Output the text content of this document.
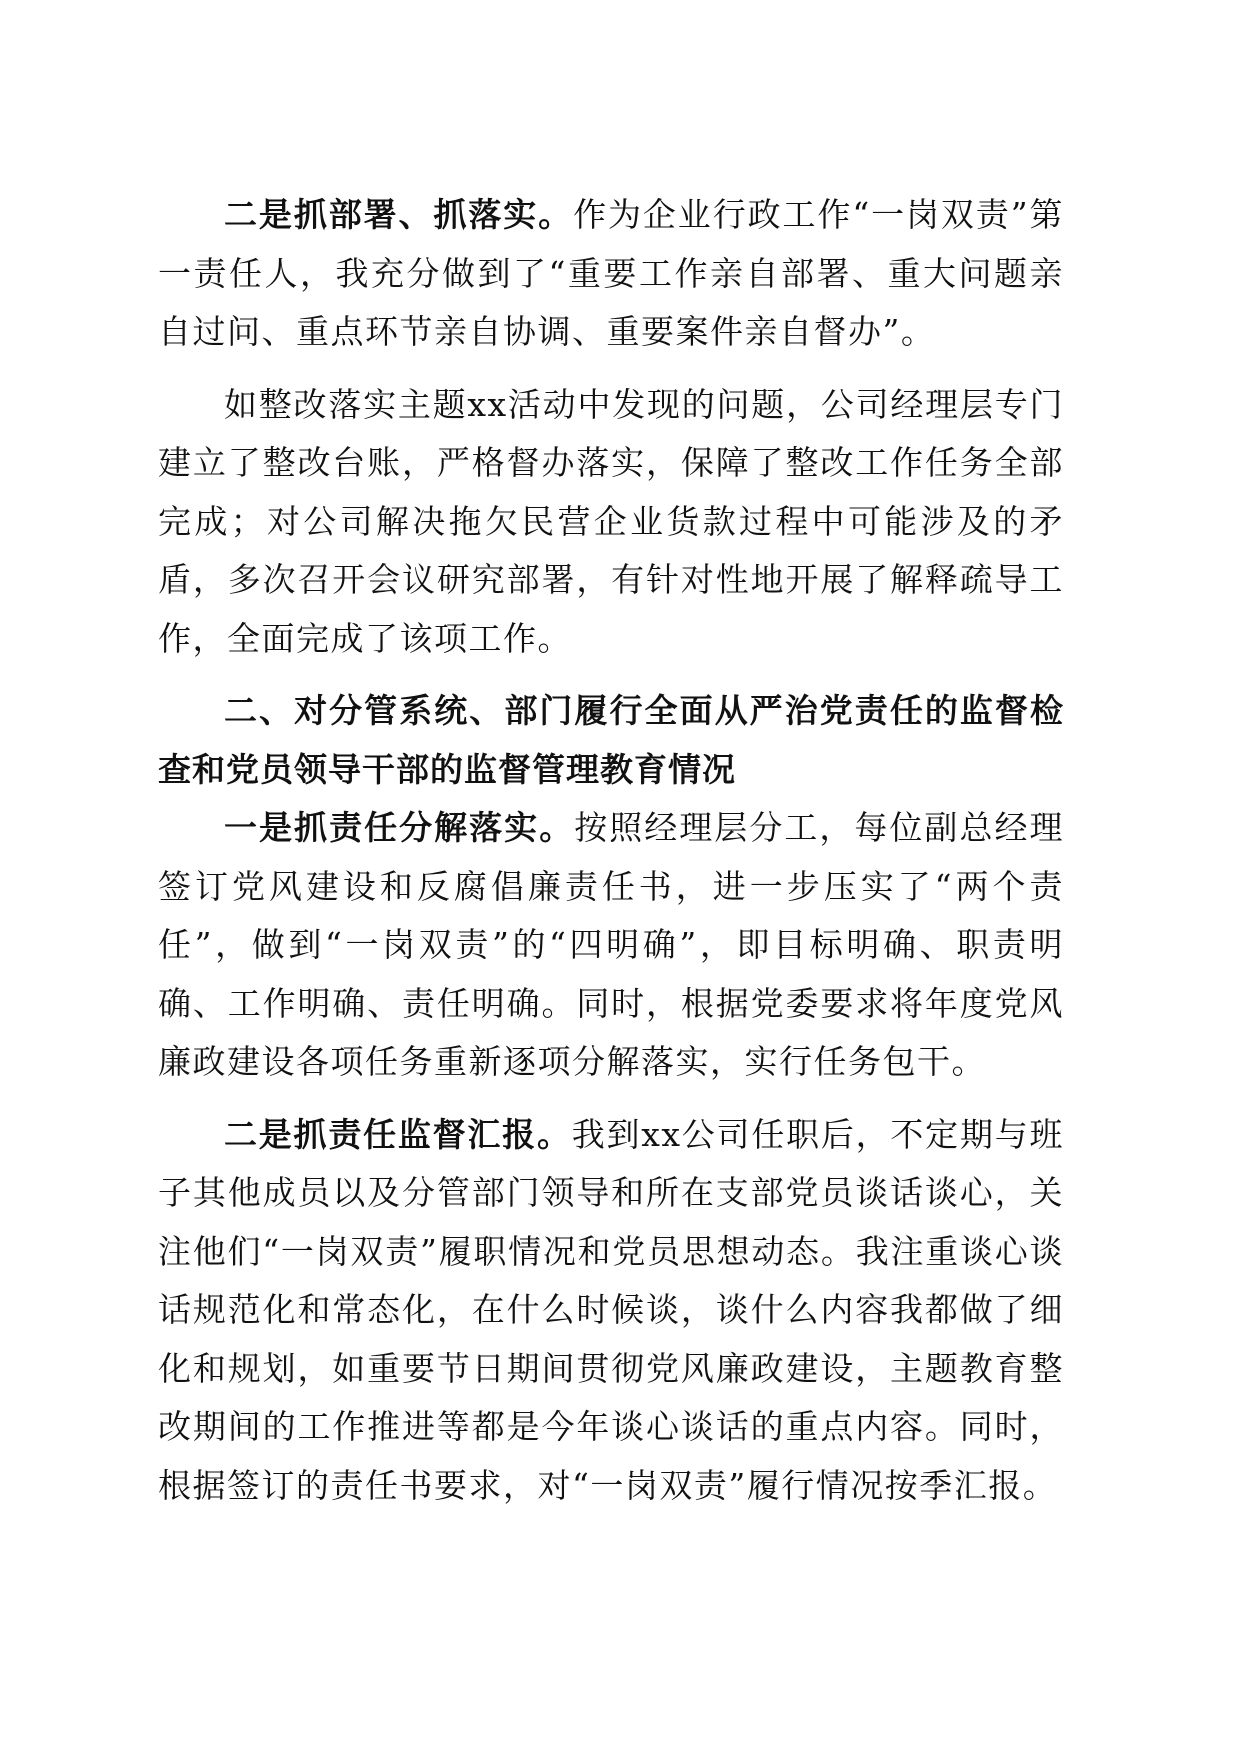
二是抓部署、抓落实。作为企业行政工作“一岗双责”第一责任人，我充分做到了“重要工作亲自部署、重大问题亲自过问、重点环节亲自协调、重要案件亲自督办”。

如整改落实主题xx活动中发现的问题，公司经理层专门建立了整改台账，严格督办落实，保障了整改工作任务全部完成；对公司解决拖欠民营企业货款过程中可能涉及的矛盾，多次召开会议研究部署，有针对性地开展了解释疏导工作，全面完成了该项工作。

二、对分管系统、部门履行全面从严治党责任的监督检查和党员领导干部的监督管理教育情况

一是抓责任分解落实。按照经理层分工，每位副总经理签订党风建设和反腐倡廉责任书，进一步压实了“两个责任”，做到“一岗双责”的“四明确”，即目标明确、职责明确、工作明确、责任明确。同时，根据党委要求将年度党风廉政建设各项任务重新逐项分解落实，实行任务包干。

二是抓责任监督汇报。我到xx公司任职后，不定期与班子其他成员以及分管部门领导和所在支部党员谈话谈心，关注他们“一岗双责”履职情况和党员思想动态。我注重谈心谈话规范化和常态化，在什么时候谈，谈什么内容我都做了细化和规划，如重要节日期间贯彻党风廉政建设，主题教育整改期间的工作推进等都是今年谈心谈话的重点内容。同时，根据签订的责任书要求，对“一岗双责”履行情况按季汇报。
